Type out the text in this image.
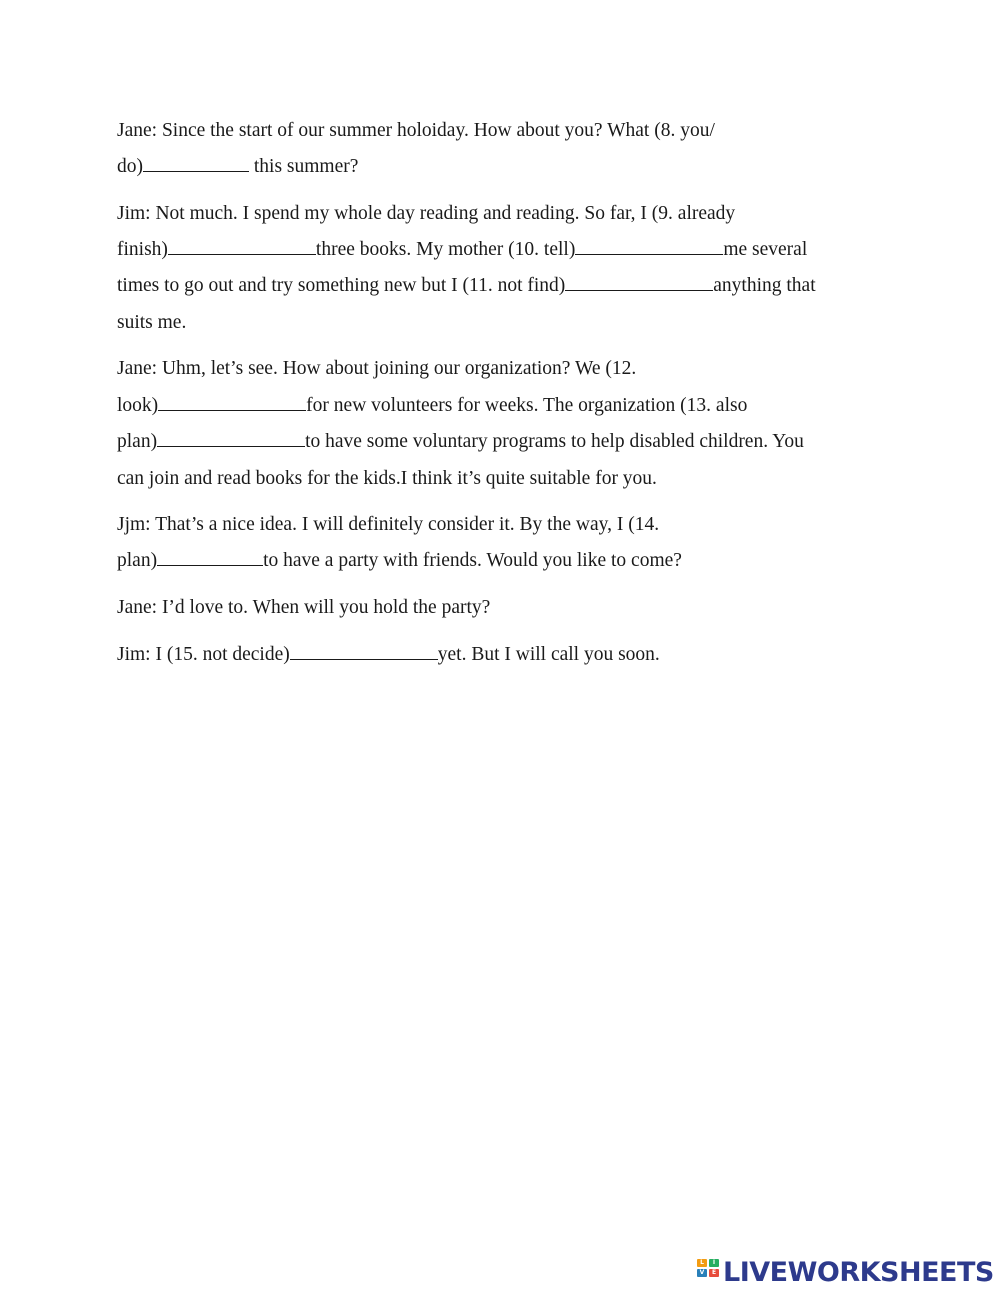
Jane: Since the start of our summer holoiday. How about you? What (8. you/
do)	this summer?
Jim: Not much. I spend my whole day reading and reading. So far, I (9. already
finish)	three books. My mother (10. tell)	me several
times to go out and try something new but I (11. not find)	anything that
suits me.
Jane: Uhm, let’s see. How about joining our organization? We (12.
look)	for new volunteers for weeks. The organization (13. also
plan)	to have some voluntary programs to help disabled children. You
can join and read books for the kids.I think it’s quite suitable for you.
Jjm: That’s a nice idea. I will definitely consider it. By the way, I (14.
plan)	to have a party with friends. Would you like to come?
Jane: I’d love to. When will you hold the party?
Jim: I (15. not decide)	yet. But I will call you soon.
L	I
V	E LIVEWORKSHEETS
